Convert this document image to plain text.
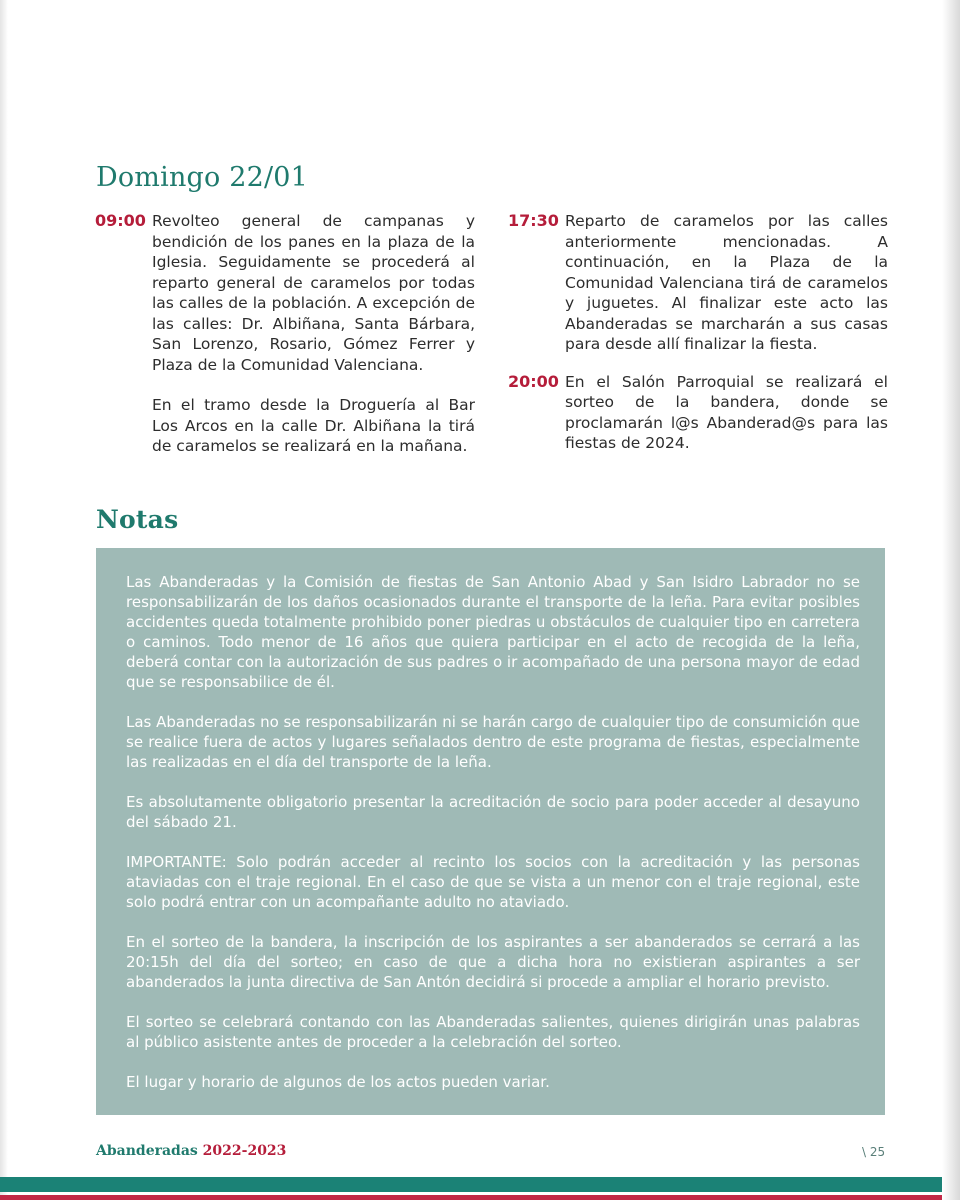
Domingo 22/01
09:00 Revolteo general de campanas y bendición de los panes en la plaza de la Iglesia. Seguidamente se procederá al reparto general de caramelos por todas las calles de la población. A excepción de las calles: Dr. Albiñana, Santa Bárbara, San Lorenzo, Rosario, Gómez Ferrer y Plaza de la Comunidad Valenciana.

En el tramo desde la Droguería al Bar Los Arcos en la calle Dr. Albiñana la tirá de caramelos se realizará en la mañana.

17:30 Reparto de caramelos por las calles anteriormente mencionadas. A continuación, en la Plaza de la Comunidad Valenciana tirá de caramelos y juguetes. Al finalizar este acto las Abanderadas se marcharán a sus casas para desde allí finalizar la fiesta.

20:00 En el Salón Parroquial se realizará el sorteo de la bandera, donde se proclamarán l@s Abanderad@s para las fiestas de 2024.

Notas

Las Abanderadas y la Comisión de fiestas de San Antonio Abad y San Isidro Labrador no se responsabilizarán de los daños ocasionados durante el transporte de la leña. Para evitar posibles accidentes queda totalmente prohibido poner piedras u obstáculos de cualquier tipo en carretera o caminos. Todo menor de 16 años que quiera participar en el acto de recogida de la leña, deberá contar con la autorización de sus padres o ir acompañado de una persona mayor de edad que se responsabilice de él.

Las Abanderadas no se responsabilizarán ni se harán cargo de cualquier tipo de consumición que se realice fuera de actos y lugares señalados dentro de este programa de fiestas, especialmente las realizadas en el día del transporte de la leña.

Es absolutamente obligatorio presentar la acreditación de socio para poder acceder al desayuno del sábado 21.

IMPORTANTE: Solo podrán acceder al recinto los socios con la acreditación y las personas ataviadas con el traje regional. En el caso de que se vista a un menor con el traje regional, este solo podrá entrar con un acompañante adulto no ataviado.

En el sorteo de la bandera, la inscripción de los aspirantes a ser abanderados se cerrará a las 20:15h del día del sorteo; en caso de que a dicha hora no existieran aspirantes a ser abanderados la junta directiva de San Antón decidirá si procede a ampliar el horario previsto.

El sorteo se celebrará contando con las Abanderadas salientes, quienes dirigirán unas palabras al público asistente antes de proceder a la celebración del sorteo.

El lugar y horario de algunos de los actos pueden variar.

Abanderadas 2022-2023	\ 25
